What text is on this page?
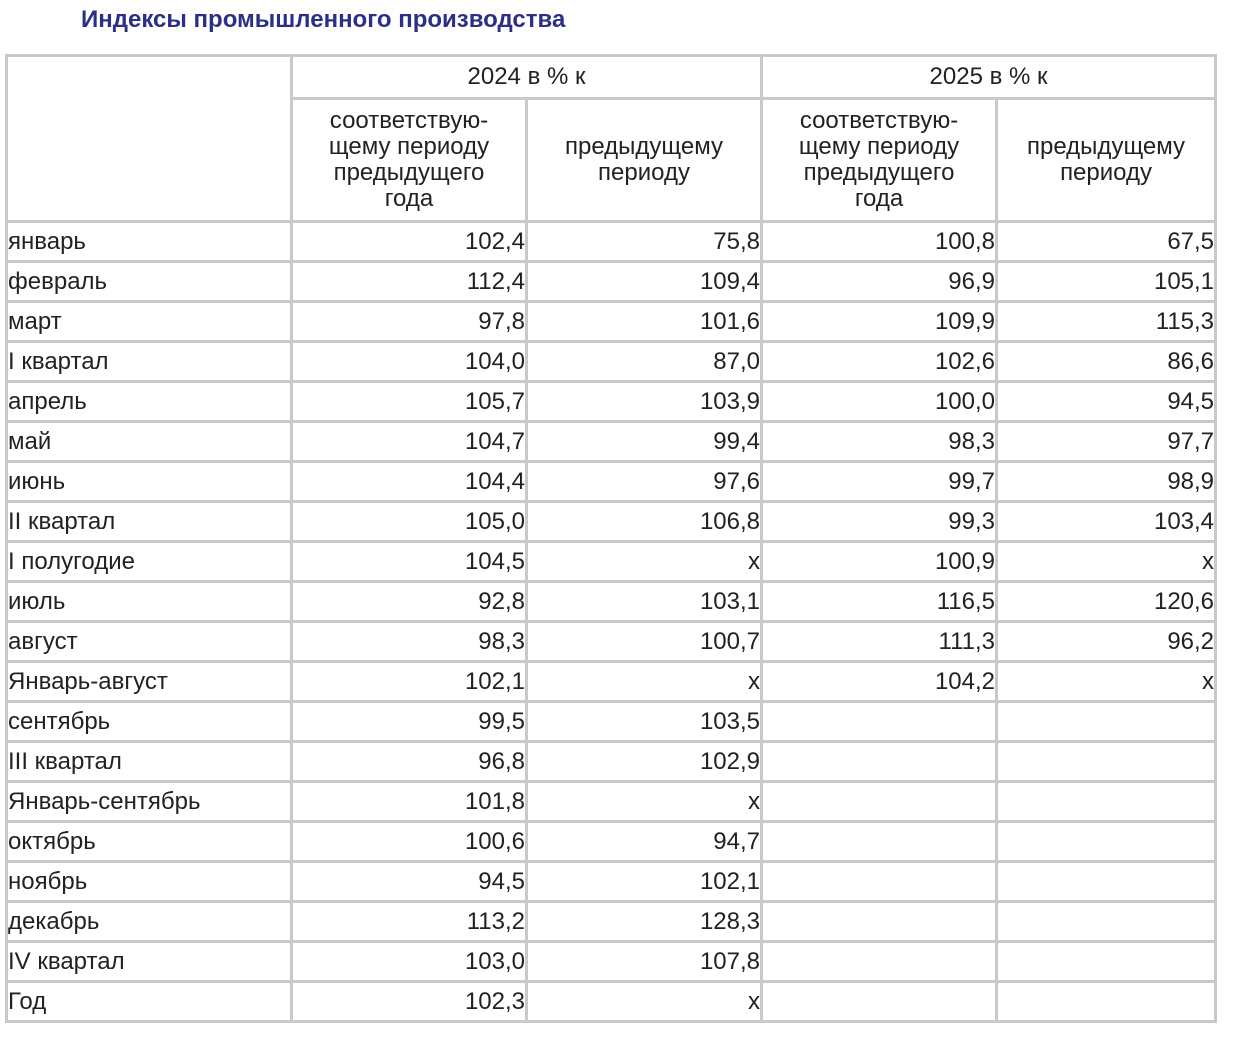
Индексы промышленного производства
	2024 в % к		2025 в % к	
	соответствую-
щему периоду
предыдущего
года	предыдущему
периоду	соответствую-
щему периоду
предыдущего
года	предыдущему
периоду
январь	102,4	75,8	100,8	67,5
февраль	112,4	109,4	96,9	105,1
март	97,8	101,6	109,9	115,3
I квартал	104,0	87,0	102,6	86,6
апрель	105,7	103,9	100,0	94,5
май	104,7	99,4	98,3	97,7
июнь	104,4	97,6	99,7	98,9
II квартал	105,0	106,8	99,3	103,4
I полугодие	104,5	x	100,9	x
июль	92,8	103,1	116,5	120,6
август	98,3	100,7	111,3	96,2
Январь-август	102,1	x	104,2	x
сентябрь	99,5	103,5		
III квартал	96,8	102,9		
Январь-сентябрь	101,8	x		
октябрь	100,6	94,7		
ноябрь	94,5	102,1		
декабрь	113,2	128,3		
IV квартал	103,0	107,8		
Год	102,3	x		
